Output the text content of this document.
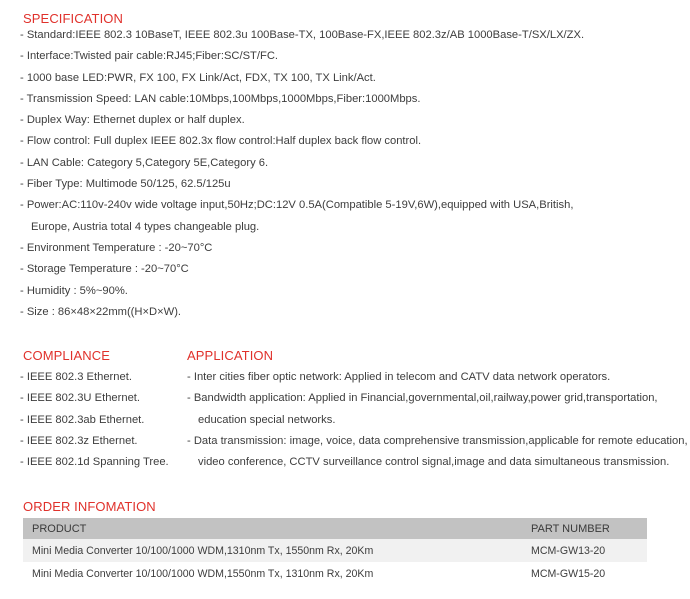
SPECIFICATION
- Standard:IEEE 802.3 10BaseT, IEEE 802.3u 100Base-TX, 100Base-FX,IEEE 802.3z/AB 1000Base-T/SX/LX/ZX.
- Interface:Twisted pair cable:RJ45;Fiber:SC/ST/FC.
- 1000 base LED:PWR, FX 100, FX Link/Act, FDX, TX 100, TX Link/Act.
- Transmission Speed: LAN cable:10Mbps,100Mbps,1000Mbps,Fiber:1000Mbps.
- Duplex Way: Ethernet duplex or half duplex.
- Flow control: Full duplex IEEE 802.3x flow control:Half duplex back flow control.
- LAN Cable: Category 5,Category 5E,Category 6.
- Fiber Type: Multimode 50/125, 62.5/125u
- Power:AC:110v-240v wide voltage input,50Hz;DC:12V 0.5A(Compatible 5-19V,6W),equipped with USA,British,
Europe, Austria total 4 types changeable plug.
- Environment Temperature : -20~70°C
- Storage Temperature : -20~70°C
- Humidity : 5%~90%.
- Size : 86×48×22mm((H×D×W).
COMPLIANCE
- IEEE 802.3 Ethernet.
- IEEE 802.3U Ethernet.
- IEEE 802.3ab Ethernet.
- IEEE 802.3z Ethernet.
- IEEE 802.1d Spanning Tree.
APPLICATION
- Inter cities fiber optic network: Applied in telecom and CATV data network operators.
- Bandwidth application: Applied in Financial,governmental,oil,railway,power grid,transportation,
education special networks.
- Data transmission: image, voice, data comprehensive transmission,applicable for remote education,
video conference, CCTV surveillance control signal,image and data simultaneous transmission.
ORDER INFOMATION
PRODUCT	PART NUMBER
Mini Media Converter 10/100/1000 WDM,1310nm Tx, 1550nm Rx, 20Km	MCM-GW13-20
Mini Media Converter 10/100/1000 WDM,1550nm Tx, 1310nm Rx, 20Km	MCM-GW15-20
